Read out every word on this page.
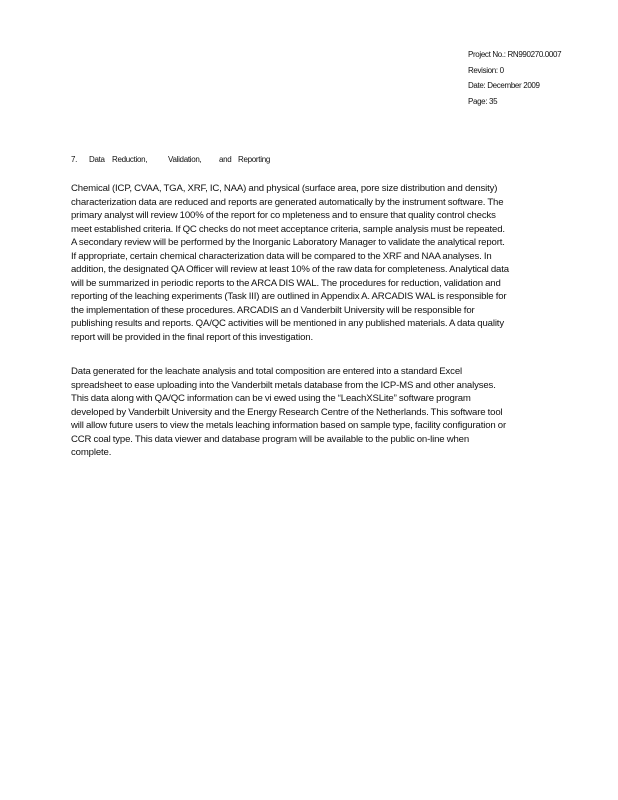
Project No.: RN990270.0007
Revision: 0
Date: December 2009
Page: 35
7.	Data Reduction,	Validation,	and Reporting
Chemical (ICP, CVAA, TGA, XRF, IC, NAA) and physical (surface area, pore size distribution and density)
characterization data are reduced and reports are generated automatically by the instrument software. The
primary analyst will review 100% of the report for co mpleteness and to ensure that quality control checks
meet established criteria. If QC checks do not meet acceptance criteria, sample analysis must be repeated.
A secondary review will be performed by the Inorganic Laboratory Manager to validate the analytical report.
If appropriate, certain chemical characterization data will be compared to the XRF and NAA analyses. In
addition, the designated QA Officer will review at least 10% of the raw data for completeness. Analytical data
will be summarized in periodic reports to the ARCA DIS WAL. The procedures for reduction, validation and
reporting of the leaching experiments (Task III) are outlined in Appendix A. ARCADIS WAL is responsible for
the implementation of these procedures. ARCADIS an d Vanderbilt University will be responsible for
publishing results and reports. QA/QC activities will be mentioned in any published materials. A data quality
report will be provided in the final report of this investigation.
Data generated for the leachate analysis and total composition are entered into a standard Excel
spreadsheet to ease uploading into the Vanderbilt metals database from the ICP-MS and other analyses.
This data along with QA/QC information can be vi ewed using the “LeachXSLite” software program
developed by Vanderbilt University and the Energy Research Centre of the Netherlands. This software tool
will allow future users to view the metals leaching information based on sample type, facility configuration or
CCR coal type. This data viewer and database program will be available to the public on-line when
complete.
